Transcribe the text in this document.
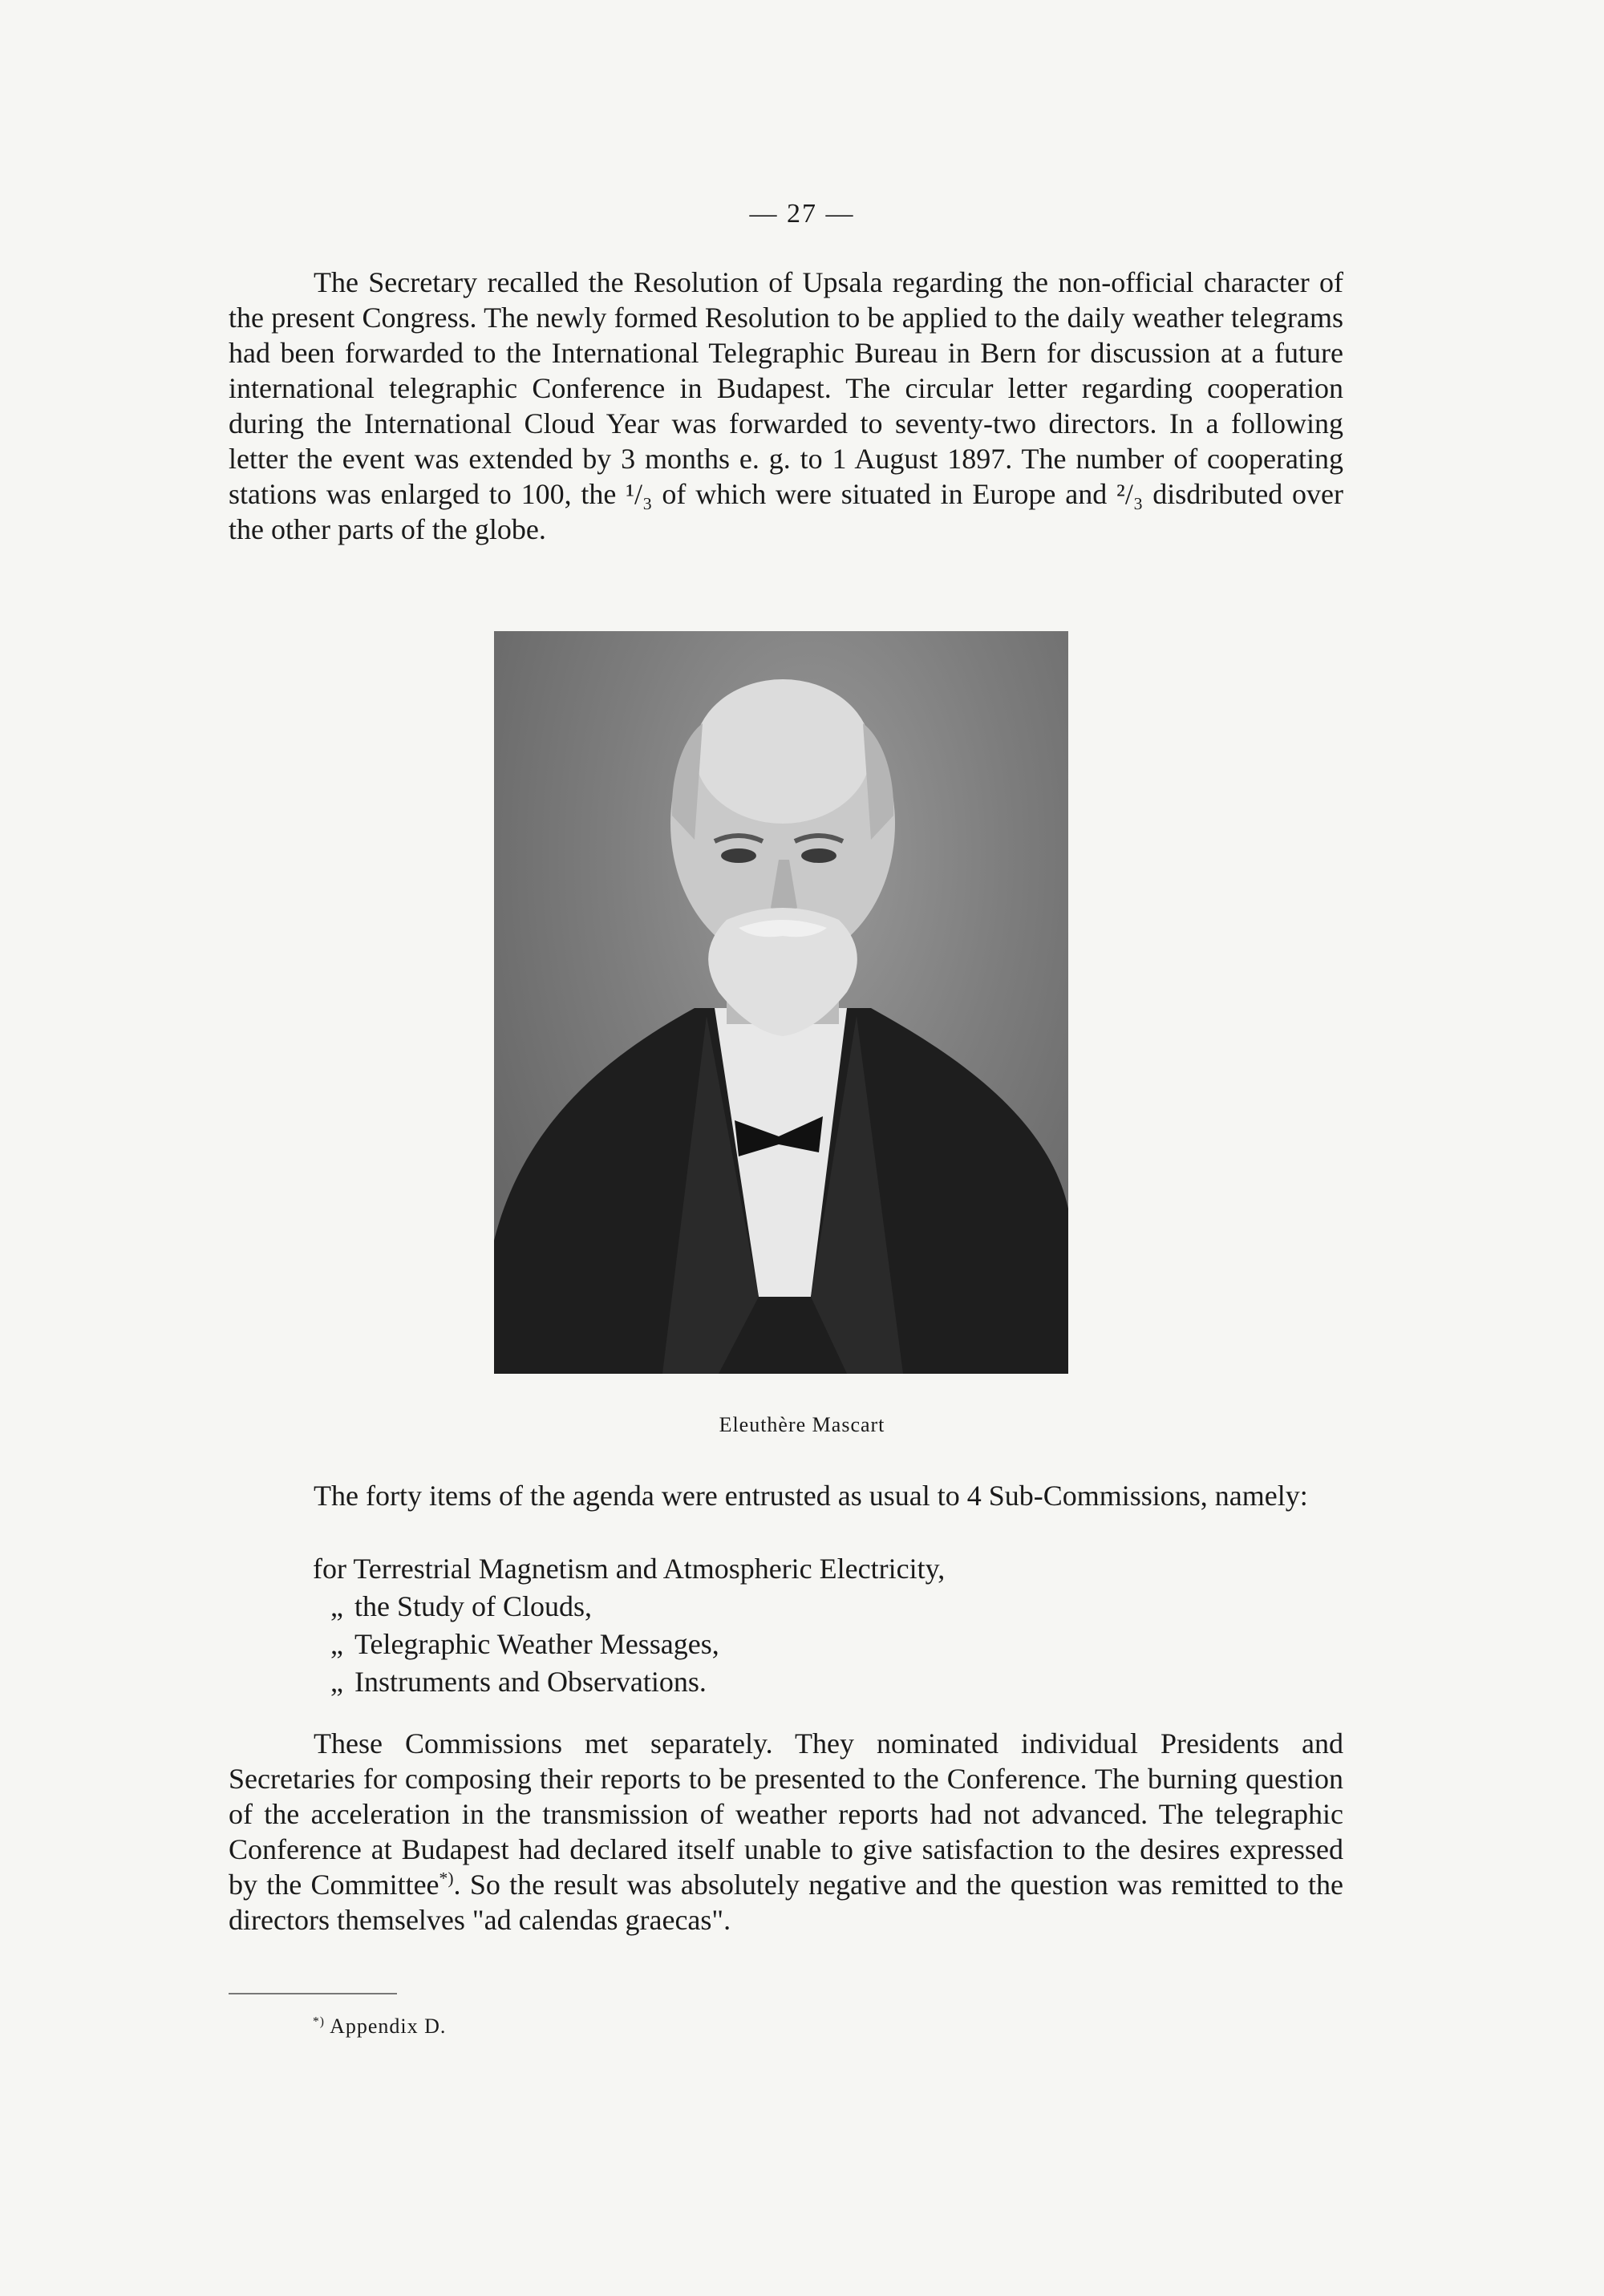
— 27 —

The Secretary recalled the Resolution of Upsala regarding the non-official character of the present Congress. The newly formed Resolution to be applied to the daily weather telegrams had been forwarded to the International Telegraphic Bureau in Bern for discussion at a future international telegraphic Conference in Budapest. The circular letter regarding cooperation during the International Cloud Year was forwarded to seventy-two directors. In a following letter the event was extended by 3 months e. g. to 1 August 1897. The number of cooperating stations was enlarged to 100, the ¹/₃ of which were situated in Europe and ²/₃ disdributed over the other parts of the globe.

Eleuthère Mascart

The forty items of the agenda were entrusted as usual to 4 Sub-Commissions, namely:

for Terrestrial Magnetism and Atmospheric Electricity,
„ the Study of Clouds,
„ Telegraphic Weather Messages,
„ Instruments and Observations.

These Commissions met separately. They nominated individual Presidents and Secretaries for composing their reports to be presented to the Conference. The burning question of the acceleration in the transmission of weather reports had not advanced. The telegraphic Conference at Budapest had declared itself unable to give satisfaction to the desires expressed by the Committee*). So the result was absolutely negative and the question was remitted to the directors themselves "ad calendas graecas".

*) Appendix D.
